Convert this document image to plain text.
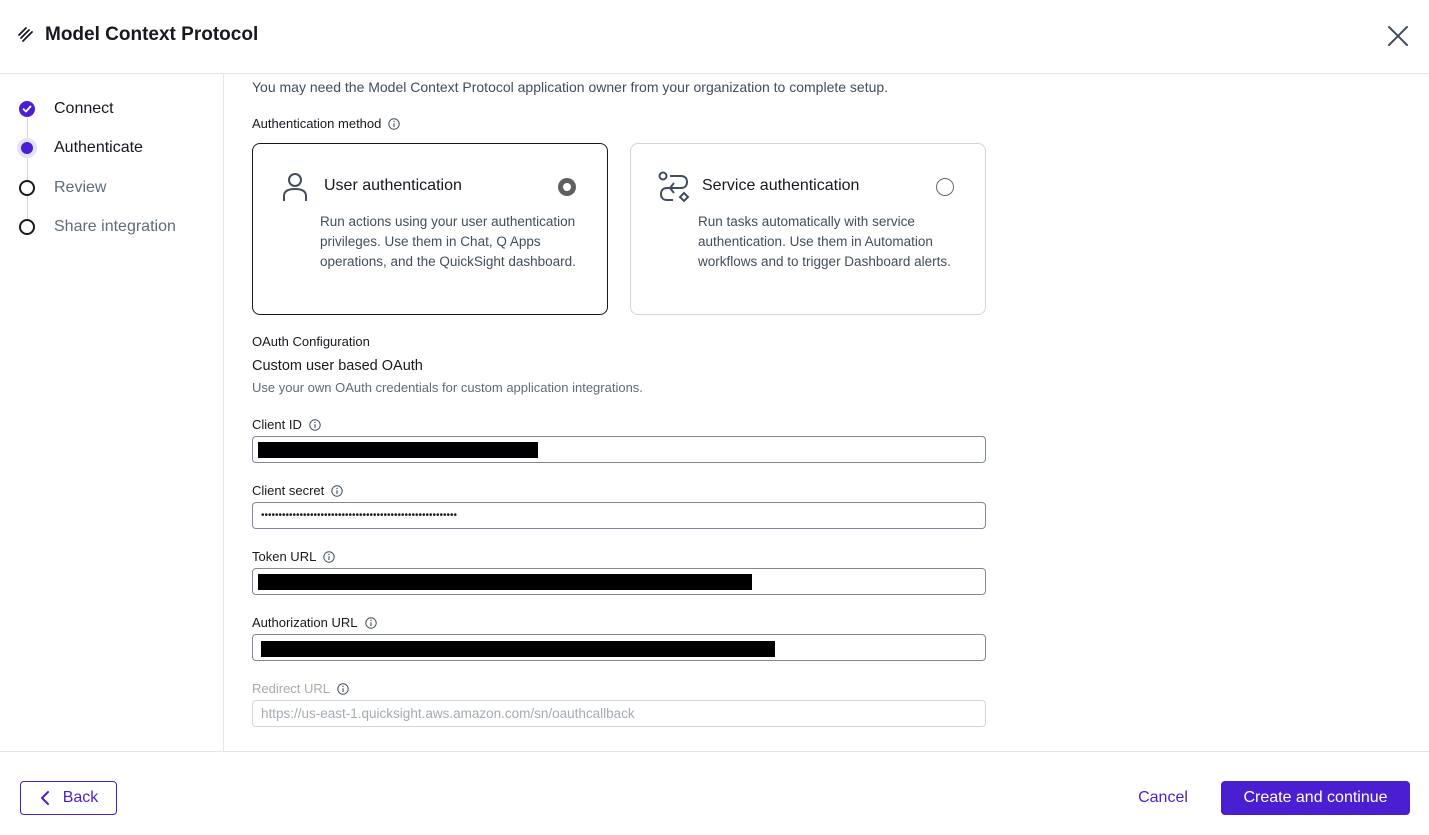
Model Context Protocol
Connect
Authenticate
Review
Share integration
You may need the Model Context Protocol application owner from your organization to complete setup.
Authentication method
User authentication
Run actions using your user authentication privileges. Use them in Chat, Q Apps operations, and the QuickSight dashboard.
Service authentication
Run tasks automatically with service authentication. Use them in Automation workflows and to trigger Dashboard alerts.
OAuth Configuration
Custom user based OAuth
Use your own OAuth credentials for custom application integrations.
Client ID
Client secret
••••••••••••••••••••••••••••••••••••••••••••••••••••••••
Token URL
Authorization URL
Redirect URL
https://us-east-1.quicksight.aws.amazon.com/sn/oauthcallback
Back	Cancel	Create and continue
